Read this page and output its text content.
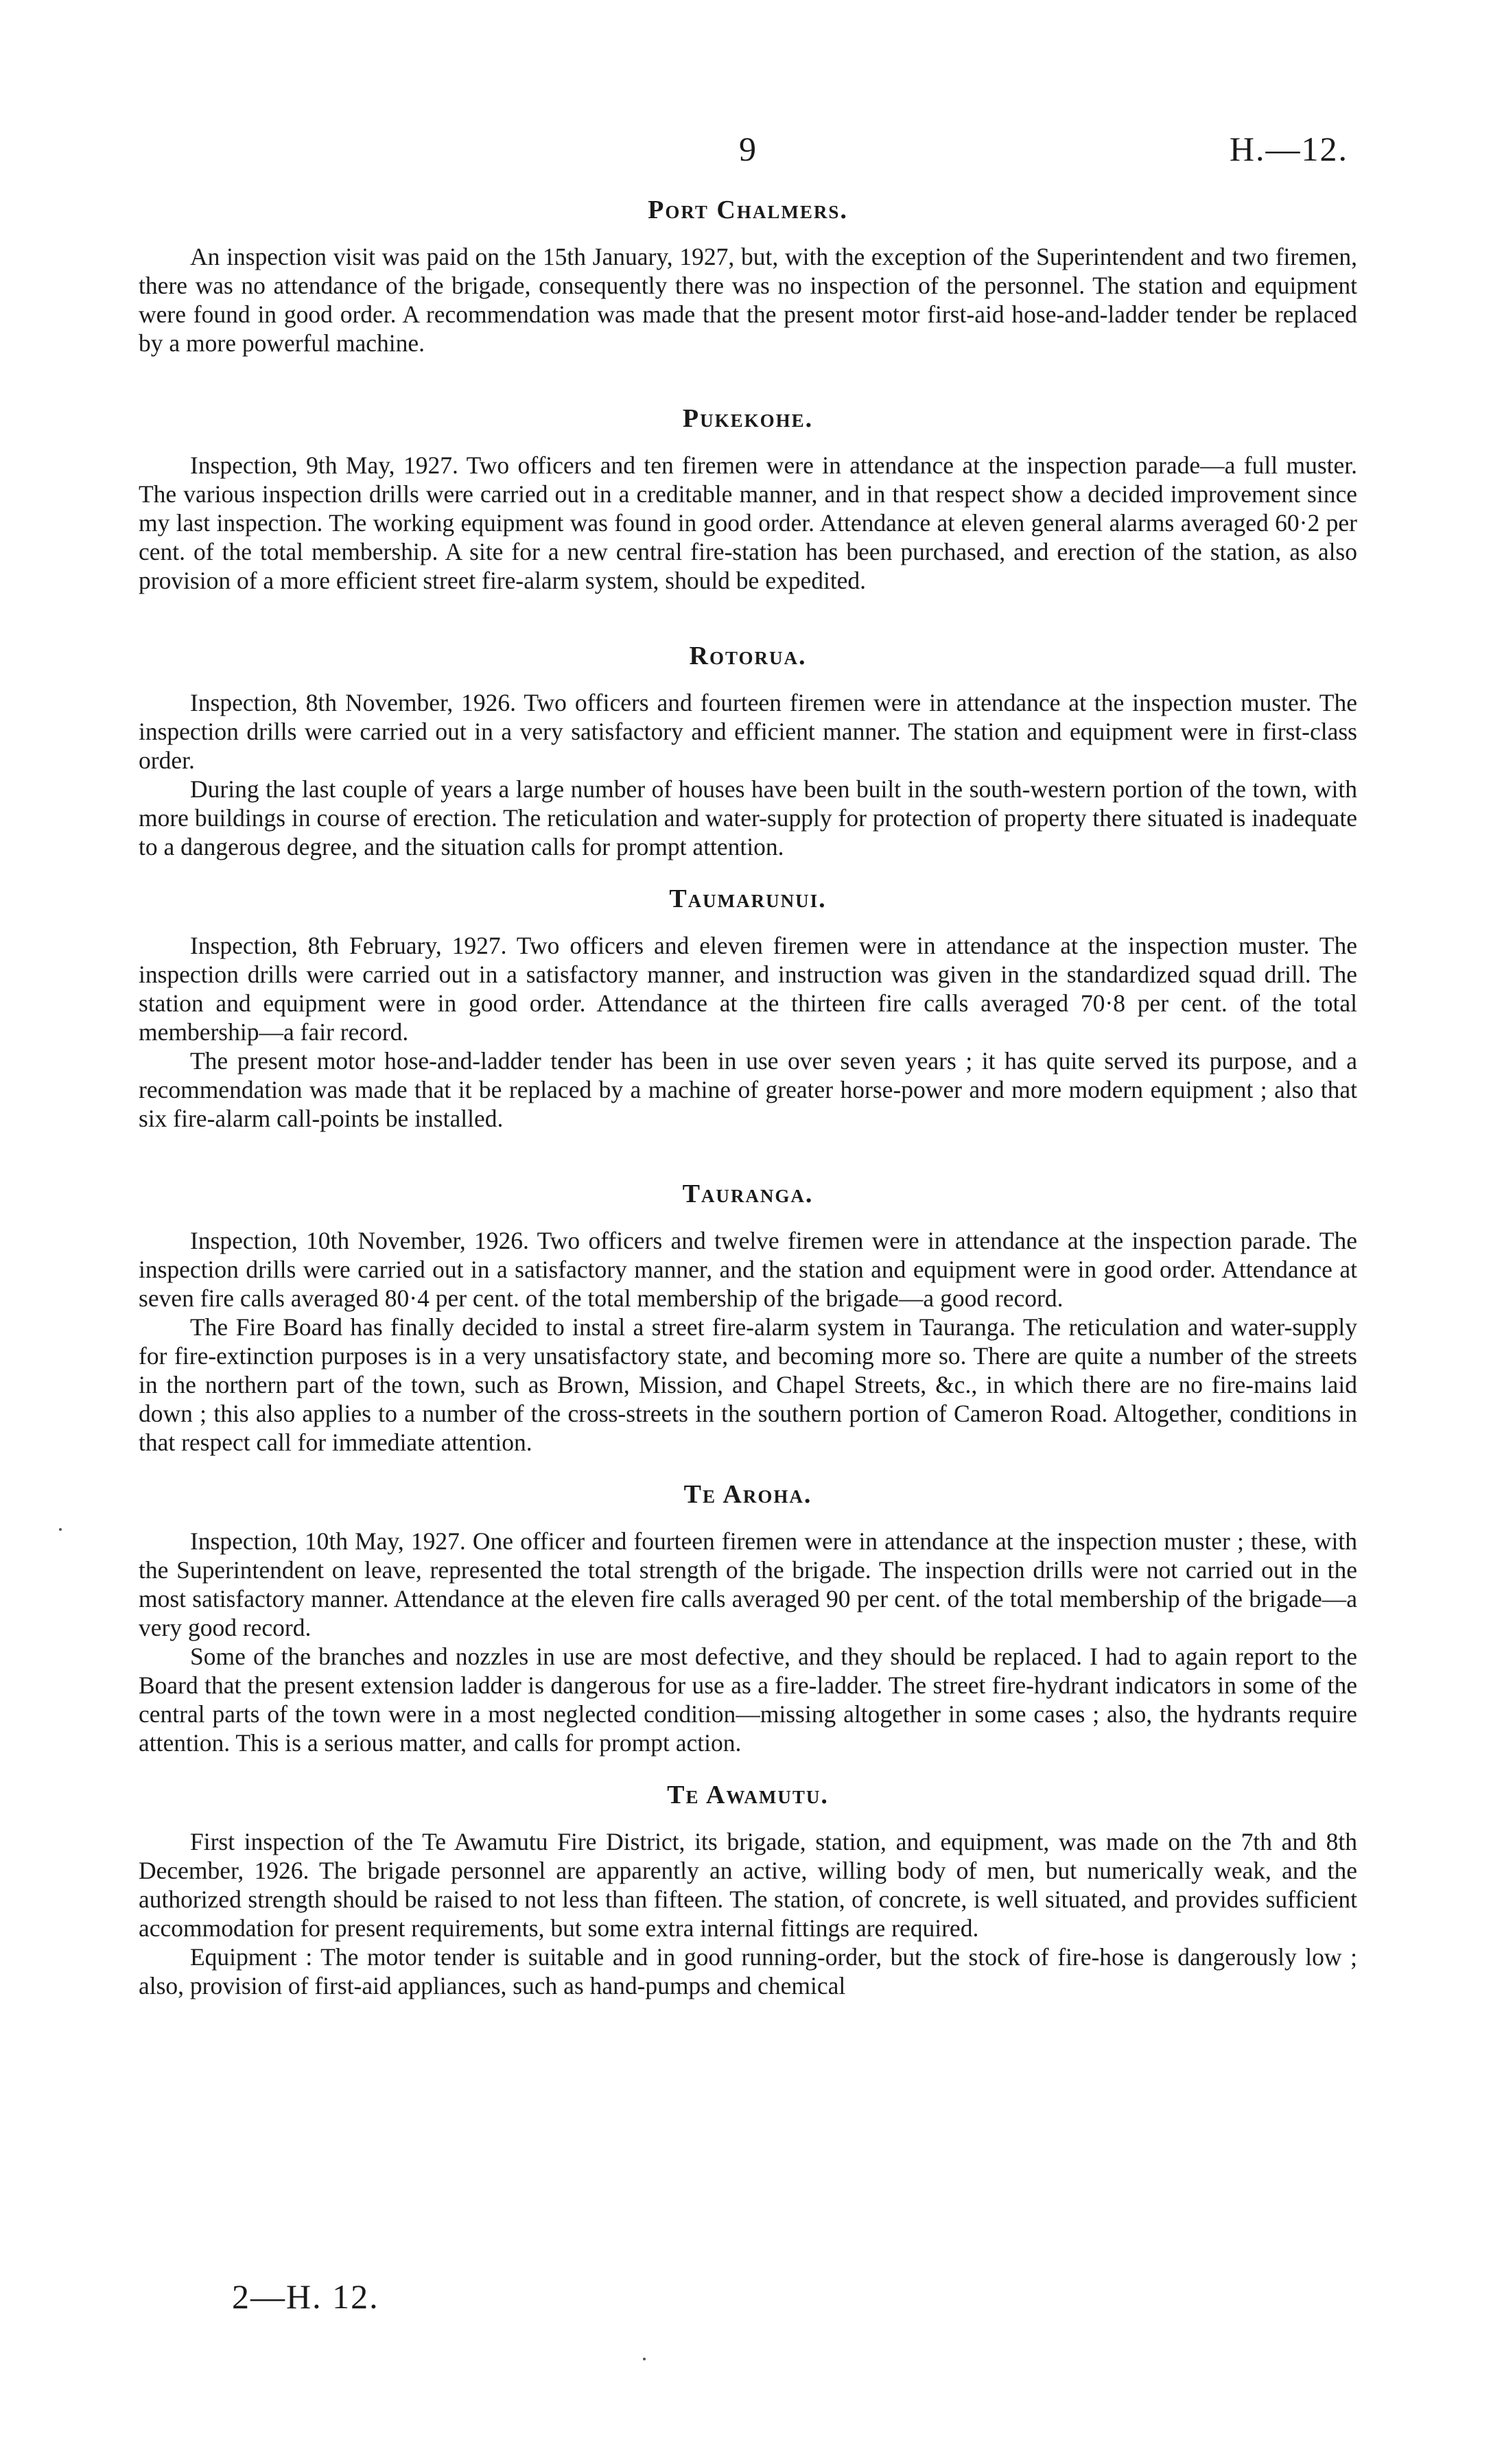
9	H.—12.
Port Chalmers.

An inspection visit was paid on the 15th January, 1927, but, with the exception of the Superintendent and two firemen, there was no attendance of the brigade, consequently there was no inspection of the personnel. The station and equipment were found in good order. A recommendation was made that the present motor first-aid hose-and-ladder tender be replaced by a more powerful machine.

Pukekohe.

Inspection, 9th May, 1927. Two officers and ten firemen were in attendance at the inspection parade—a full muster. The various inspection drills were carried out in a creditable manner, and in that respect show a decided improvement since my last inspection. The working equipment was found in good order. Attendance at eleven general alarms averaged 60·2 per cent. of the total membership. A site for a new central fire-station has been purchased, and erection of the station, as also provision of a more efficient street fire-alarm system, should be expedited.

Rotorua.

Inspection, 8th November, 1926. Two officers and fourteen firemen were in attendance at the inspection muster. The inspection drills were carried out in a very satisfactory and efficient manner. The station and equipment were in first-class order.

During the last couple of years a large number of houses have been built in the south-western portion of the town, with more buildings in course of erection. The reticulation and water-supply for protection of property there situated is inadequate to a dangerous degree, and the situation calls for prompt attention.

Taumarunui.

Inspection, 8th February, 1927. Two officers and eleven firemen were in attendance at the inspection muster. The inspection drills were carried out in a satisfactory manner, and instruction was given in the standardized squad drill. The station and equipment were in good order. Attendance at the thirteen fire calls averaged 70·8 per cent. of the total membership—a fair record.

The present motor hose-and-ladder tender has been in use over seven years ; it has quite served its purpose, and a recommendation was made that it be replaced by a machine of greater horse-power and more modern equipment ; also that six fire-alarm call-points be installed.

Tauranga.

Inspection, 10th November, 1926. Two officers and twelve firemen were in attendance at the inspection parade. The inspection drills were carried out in a satisfactory manner, and the station and equipment were in good order. Attendance at seven fire calls averaged 80·4 per cent. of the total membership of the brigade—a good record.

The Fire Board has finally decided to instal a street fire-alarm system in Tauranga. The reticulation and water-supply for fire-extinction purposes is in a very unsatisfactory state, and becoming more so. There are quite a number of the streets in the northern part of the town, such as Brown, Mission, and Chapel Streets, &c., in which there are no fire-mains laid down ; this also applies to a number of the cross-streets in the southern portion of Cameron Road. Altogether, conditions in that respect call for immediate attention.

Te Aroha.

Inspection, 10th May, 1927. One officer and fourteen firemen were in attendance at the inspection muster ; these, with the Superintendent on leave, represented the total strength of the brigade. The inspection drills were not carried out in the most satisfactory manner. Attendance at the eleven fire calls averaged 90 per cent. of the total membership of the brigade—a very good record.

Some of the branches and nozzles in use are most defective, and they should be replaced. I had to again report to the Board that the present extension ladder is dangerous for use as a fire-ladder. The street fire-hydrant indicators in some of the central parts of the town were in a most neglected condition—missing altogether in some cases ; also, the hydrants require attention. This is a serious matter, and calls for prompt action.

Te Awamutu.

First inspection of the Te Awamutu Fire District, its brigade, station, and equipment, was made on the 7th and 8th December, 1926. The brigade personnel are apparently an active, willing body of men, but numerically weak, and the authorized strength should be raised to not less than fifteen. The station, of concrete, is well situated, and provides sufficient accommodation for present requirements, but some extra internal fittings are required.

Equipment : The motor tender is suitable and in good running-order, but the stock of fire-hose is dangerously low ; also, provision of first-aid appliances, such as hand-pumps and chemical

2—H. 12.
